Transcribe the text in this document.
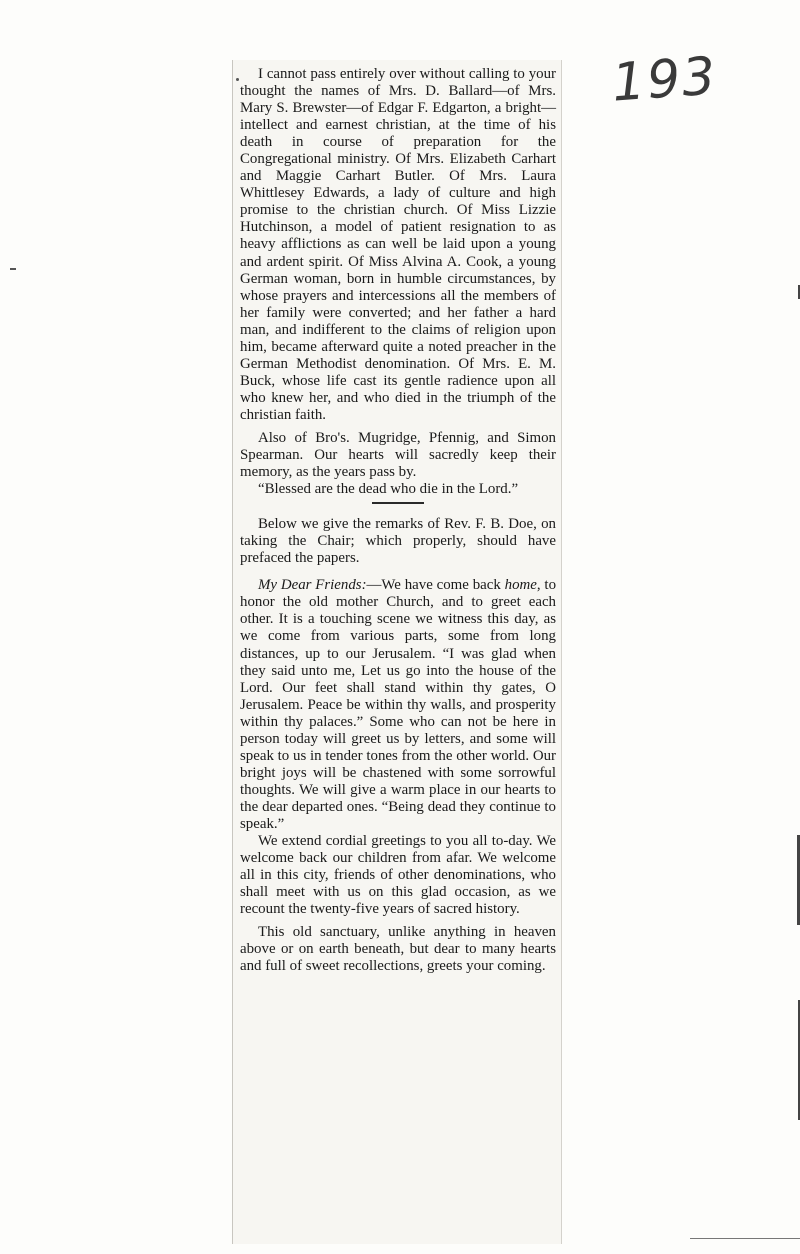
193

I cannot pass entirely over without calling to your thought the names of Mrs. D. Ballard—of Mrs. Mary S. Brewster—of Edgar F. Edgarton, a bright—intellect and earnest christian, at the time of his death in course of preparation for the Congregational ministry. Of Mrs. Elizabeth Carhart and Maggie Carhart Butler. Of Mrs. Laura Whittlesey Edwards, a lady of culture and high promise to the christian church. Of Miss Lizzie Hutchinson, a model of patient resignation to as heavy afflictions as can well be laid upon a young and ardent spirit. Of Miss Alvina A. Cook, a young German woman, born in humble circumstances, by whose prayers and intercessions all the members of her family were converted; and her father a hard man, and indifferent to the claims of religion upon him, became afterward quite a noted preacher in the German Methodist denomination. Of Mrs. E. M. Buck, whose life cast its gentle radience upon all who knew her, and who died in the triumph of the christian faith.

Also of Bro's. Mugridge, Pfennig, and Simon Spearman. Our hearts will sacredly keep their memory, as the years pass by.

“Blessed are the dead who die in the Lord.”

Below we give the remarks of Rev. F. B. Doe, on taking the Chair; which properly, should have prefaced the papers.

My Dear Friends:—We have come back home, to honor the old mother Church, and to greet each other. It is a touching scene we witness this day, as we come from various parts, some from long distances, up to our Jerusalem. “I was glad when they said unto me, Let us go into the house of the Lord. Our feet shall stand within thy gates, O Jerusalem. Peace be within thy walls, and prosperity within thy palaces.” Some who can not be here in person today will greet us by letters, and some will speak to us in tender tones from the other world. Our bright joys will be chastened with some sorrowful thoughts. We will give a warm place in our hearts to the dear departed ones. “Being dead they continue to speak.”

We extend cordial greetings to you all to-day. We welcome back our children from afar. We welcome all in this city, friends of other denominations, who shall meet with us on this glad occasion, as we recount the twenty-five years of sacred history.

This old sanctuary, unlike anything in heaven above or on earth beneath, but dear to many hearts and full of sweet recollections, greets your coming.
